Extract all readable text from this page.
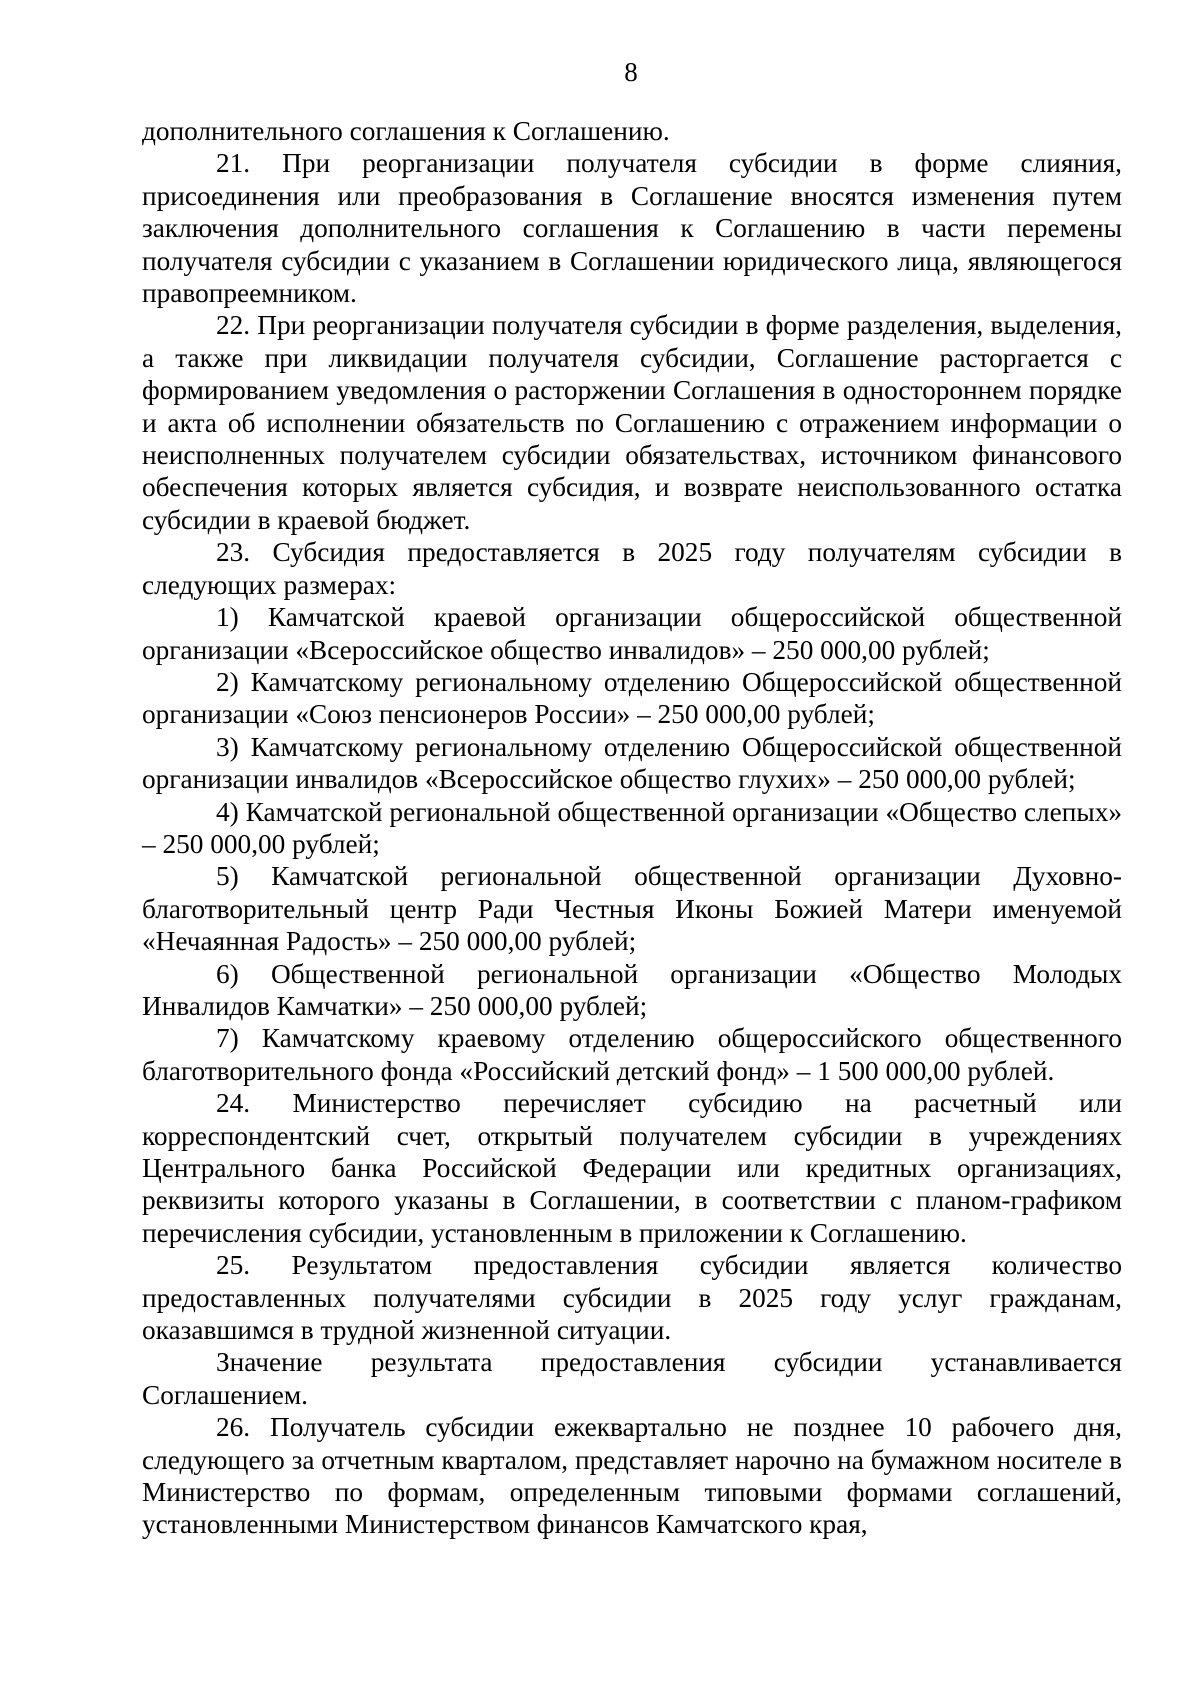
8

дополнительного соглашения к Соглашению.

21. При реорганизации получателя субсидии в форме слияния, присоединения или преобразования в Соглашение вносятся изменения путем заключения дополнительного соглашения к Соглашению в части перемены получателя субсидии с указанием в Соглашении юридического лица, являющегося правопреемником.

22. При реорганизации получателя субсидии в форме разделения, выделения, а также при ликвидации получателя субсидии, Соглашение расторгается с формированием уведомления о расторжении Соглашения в одностороннем порядке и акта об исполнении обязательств по Соглашению с отражением информации о неисполненных получателем субсидии обязательствах, источником финансового обеспечения которых является субсидия, и возврате неиспользованного остатка субсидии в краевой бюджет.

23. Субсидия предоставляется в 2025 году получателям субсидии в следующих размерах:

1) Камчатской краевой организации общероссийской общественной организации «Всероссийское общество инвалидов» – 250 000,00 рублей;

2) Камчатскому региональному отделению Общероссийской общественной организации «Союз пенсионеров России» – 250 000,00 рублей;

3) Камчатскому региональному отделению Общероссийской общественной организации инвалидов «Всероссийское общество глухих» – 250 000,00 рублей;

4) Камчатской региональной общественной организации «Общество слепых» – 250 000,00 рублей;

5) Камчатской региональной общественной организации Духовно-благотворительный центр Ради Честныя Иконы Божией Матери именуемой «Нечаянная Радость» – 250 000,00 рублей;

6) Общественной региональной организации «Общество Молодых Инвалидов Камчатки» – 250 000,00 рублей;

7) Камчатскому краевому отделению общероссийского общественного благотворительного фонда «Российский детский фонд» – 1 500 000,00 рублей.

24. Министерство перечисляет субсидию на расчетный или корреспондентский счет, открытый получателем субсидии в учреждениях Центрального банка Российской Федерации или кредитных организациях, реквизиты которого указаны в Соглашении, в соответствии с планом-графиком перечисления субсидии, установленным в приложении к Соглашению.

25. Результатом предоставления субсидии является количество предоставленных получателями субсидии в 2025 году услуг гражданам, оказавшимся в трудной жизненной ситуации.

Значение результата предоставления субсидии устанавливается Соглашением.

26. Получатель субсидии ежеквартально не позднее 10 рабочего дня, следующего за отчетным кварталом, представляет нарочно на бумажном носителе в Министерство по формам, определенным типовыми формами соглашений, установленными Министерством финансов Камчатского края,
